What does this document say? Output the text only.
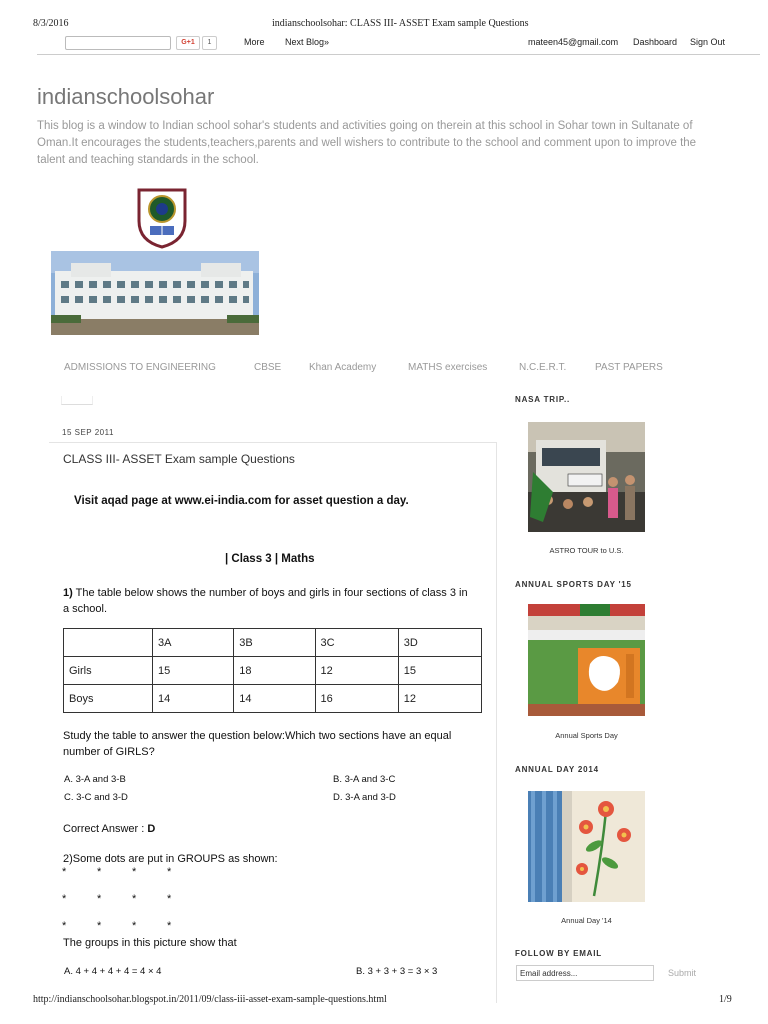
8/3/2016	indianschoolsohar: CLASS III- ASSET Exam sample Questions
G+1	1	More Next Blog»	mateen45@gmail.com Dashboard Sign Out
indianschoolsohar
This blog is a window to Indian school sohar's students and activities going on therein at this school in Sohar town in Sultanate of Oman.It encourages the students,teachers,parents and well wishers to contribute to the school and comment upon to improve the talent and teaching standards in the school.
ADMISSIONS TO ENGINEERING	CBSE	Khan Academy	MATHS exercises	N.C.E.R.T.	PAST PAPERS
15 SEP 2011
CLASS III- ASSET Exam sample Questions
Visit aqad page at www.ei-india.com for asset question a day.
| Class 3 | Maths
1) The table below shows the number of boys and girls in four sections of class 3 in a school.
	3A	3B	3C	3D
Girls	15	18	12	15
Boys	14	14	16	12
Study the table to answer the question below:Which two sections have an equal number of GIRLS?
A. 3-A and 3-B	B. 3-A and 3-C
C. 3-C and 3-D	D. 3-A and 3-D
Correct Answer : D
2)Some dots are put in GROUPS as shown:
*	*	*	*
*	*	*	*
*	*	*	*
The groups in this picture show that
A. 4 + 4 + 4 + 4 = 4 × 4	B. 3 + 3 + 3 = 3 × 3
NASA TRIP..
ASTRO TOUR to U.S.
ANNUAL SPORTS DAY '15
Annual Sports Day
ANNUAL DAY 2014
Annual Day '14
FOLLOW BY EMAIL
Email address...	Submit
http://indianschoolsohar.blogspot.in/2011/09/class-iii-asset-exam-sample-questions.html	1/9
